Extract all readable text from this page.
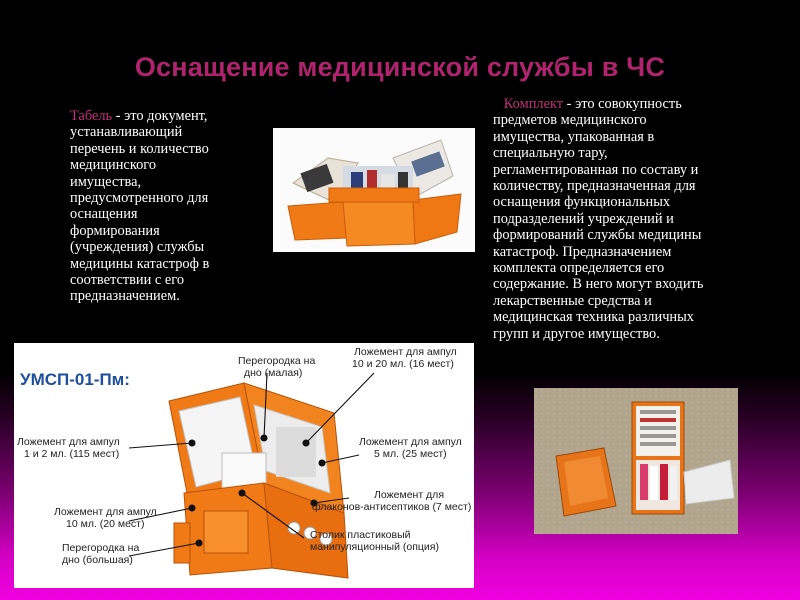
Оснащение медицинской службы в ЧС
Табель - это документ,
устанавливающий
перечень и количество
медицинского
имущества,
предусмотренного для
оснащения
формирования
(учреждения) службы
медицины катастроф в
соответствии с его
предназначением.
Комплект - это совокупность
предметов медицинского
имущества, упакованная в
специальную тару,
регламентированная по составу и
количеству, предназначенная для
оснащения функциональных
подразделений учреждений и
формирований службы медицины
катастроф. Предназначением
комплекта определяется его
содержание. В него могут входить
лекарственные средства и
медицинская техника различных
групп и другое имущество.
УМСП-01-Пм:
Перегородка на
дно (малая)
Ложемент для ампул
10 и 20 мл. (16 мест)
Ложемент для ампул
1 и 2 мл. (115 мест)
Ложемент для ампул
5 мл. (25 мест)
Ложемент для ампул
10 мл. (20 мест)
Ложемент для
флаконов-антисептиков (7 мест)
Перегородка на
дно (большая)
Столик пластиковый
манипуляционный (опция)
